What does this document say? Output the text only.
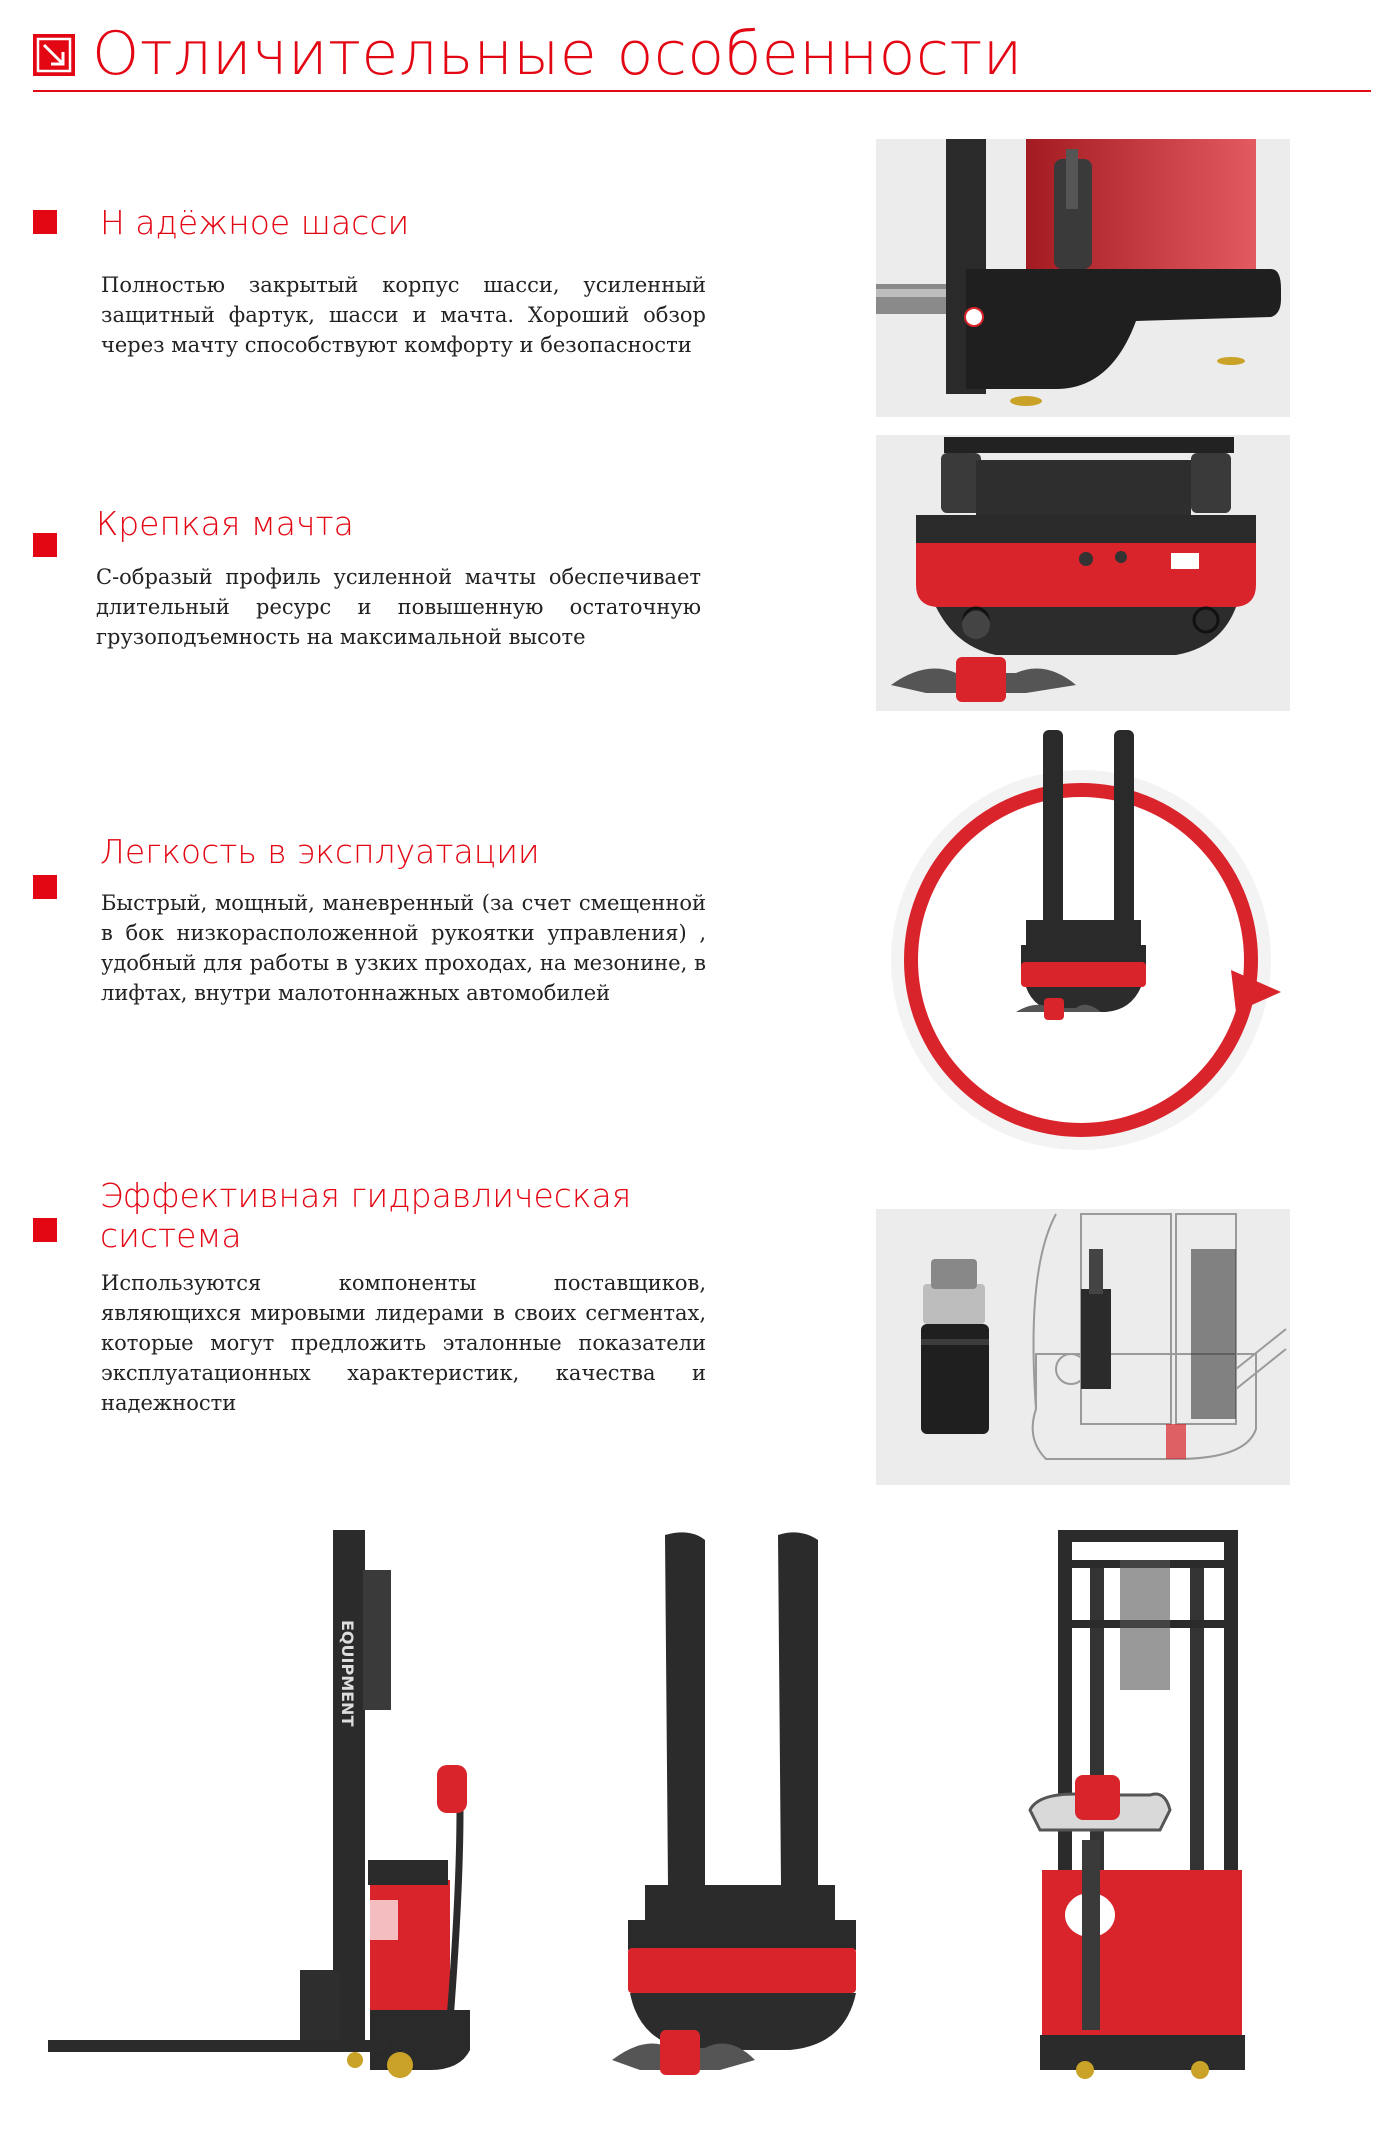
Отличительные особенности
Н адёжное шасси

Полностью закрытый корпус шасси, усиленный защитный фартук, шасси и мачта. Хороший обзор через мачту способствуют комфорту и безопасности

Крепкая мачта

С-образый профиль усиленной мачты обеспечивает длительный ресурс и повышенную остаточную грузоподъемность на максимальной высоте

Легкость в эксплуатации

Быстрый, мощный, маневренный (за счет смещенной в бок низкорасположенной рукоятки управления) , удобный для работы в узких проходах, на мезонине, в лифтах, внутри малотоннажных автомобилей

Эффективная гидравлическая
система

Используются компоненты поставщиков, являющихся мировыми лидерами в своих сегментах, которые могут предложить эталонные показатели эксплуатационных характеристик, качества и надежности

EQUIPMENT
